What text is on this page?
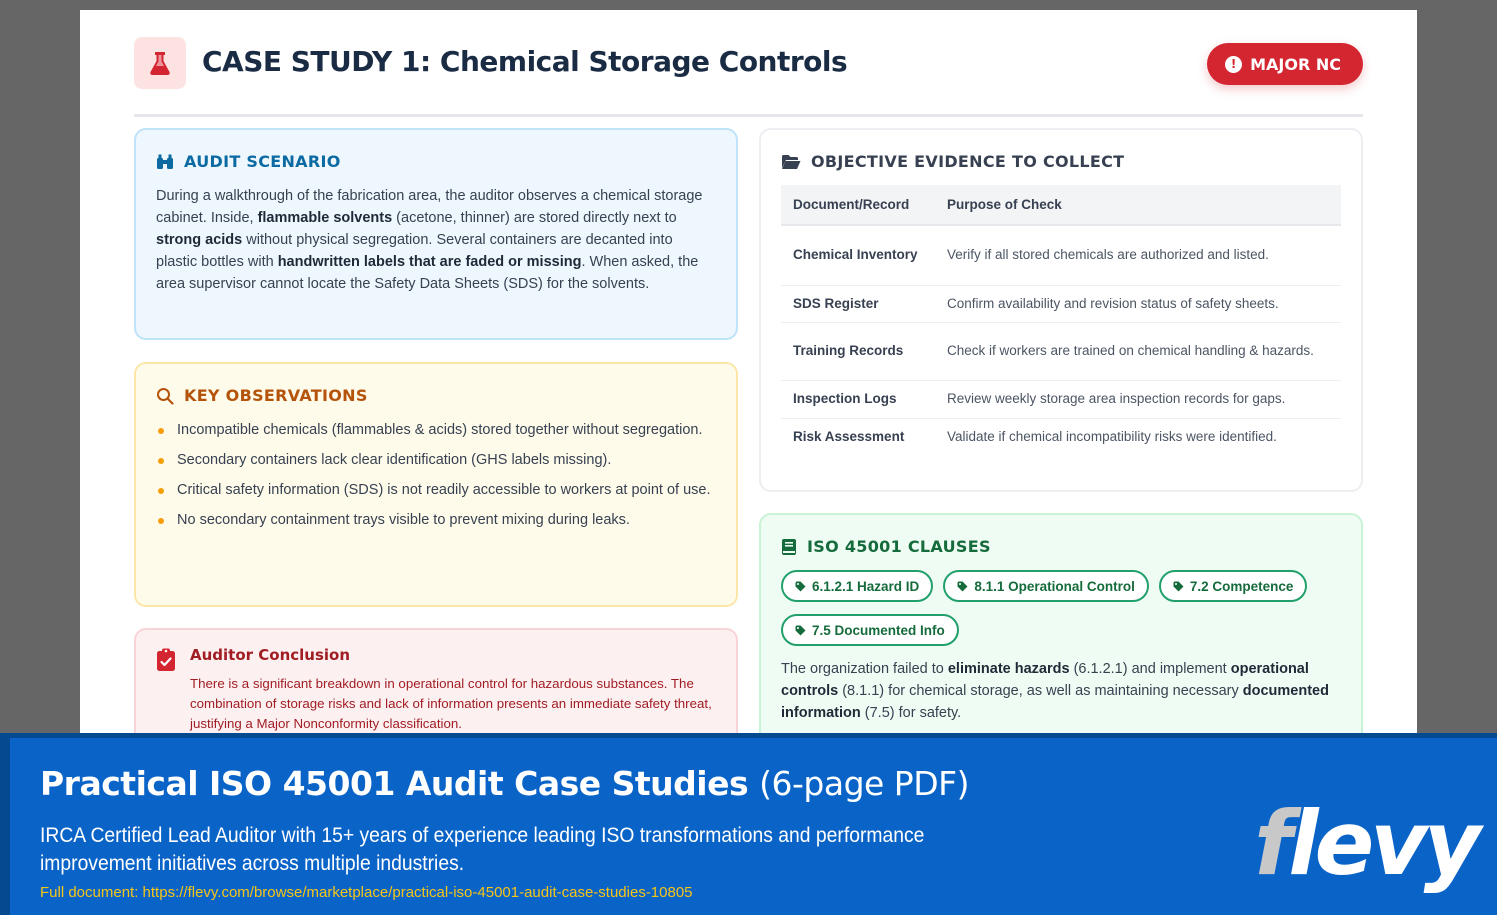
CASE STUDY 1: Chemical Storage Controls	! MAJOR NC
AUDIT SCENARIO

During a walkthrough of the fabrication area, the auditor observes a chemical storage cabinet. Inside, flammable solvents (acetone, thinner) are stored directly next to strong acids without physical segregation. Several containers are decanted into plastic bottles with handwritten labels that are faded or missing. When asked, the area supervisor cannot locate the Safety Data Sheets (SDS) for the solvents.

KEY OBSERVATIONS
Incompatible chemicals (flammables & acids) stored together without segregation.
Secondary containers lack clear identification (GHS labels missing).
Critical safety information (SDS) is not readily accessible to workers at point of use.
No secondary containment trays visible to prevent mixing during leaks.
Auditor Conclusion

There is a significant breakdown in operational control for hazardous substances. The combination of storage risks and lack of information presents an immediate safety threat, justifying a Major Nonconformity classification.

OBJECTIVE EVIDENCE TO COLLECT
Document/Record	Purpose of Check
Chemical Inventory	Verify if all stored chemicals are authorized and listed.
SDS Register	Confirm availability and revision status of safety sheets.
Training Records	Check if workers are trained on chemical handling & hazards.
Inspection Logs	Review weekly storage area inspection records for gaps.
Risk Assessment	Validate if chemical incompatibility risks were identified.
ISO 45001 CLAUSES
6.1.2.1 Hazard ID	8.1.1 Operational Control	7.2 Competence
7.5 Documented Info

The organization failed to eliminate hazards (6.1.2.1) and implement operational controls (8.1.1) for chemical storage, as well as maintaining necessary documented information (7.5) for safety.

Practical ISO 45001 Audit Case Studies (6-page PDF)
IRCA Certified Lead Auditor with 15+ years of experience leading ISO transformations and performance improvement initiatives across multiple industries.
Full document: https://flevy.com/browse/marketplace/practical-iso-45001-audit-case-studies-10805	flevy
